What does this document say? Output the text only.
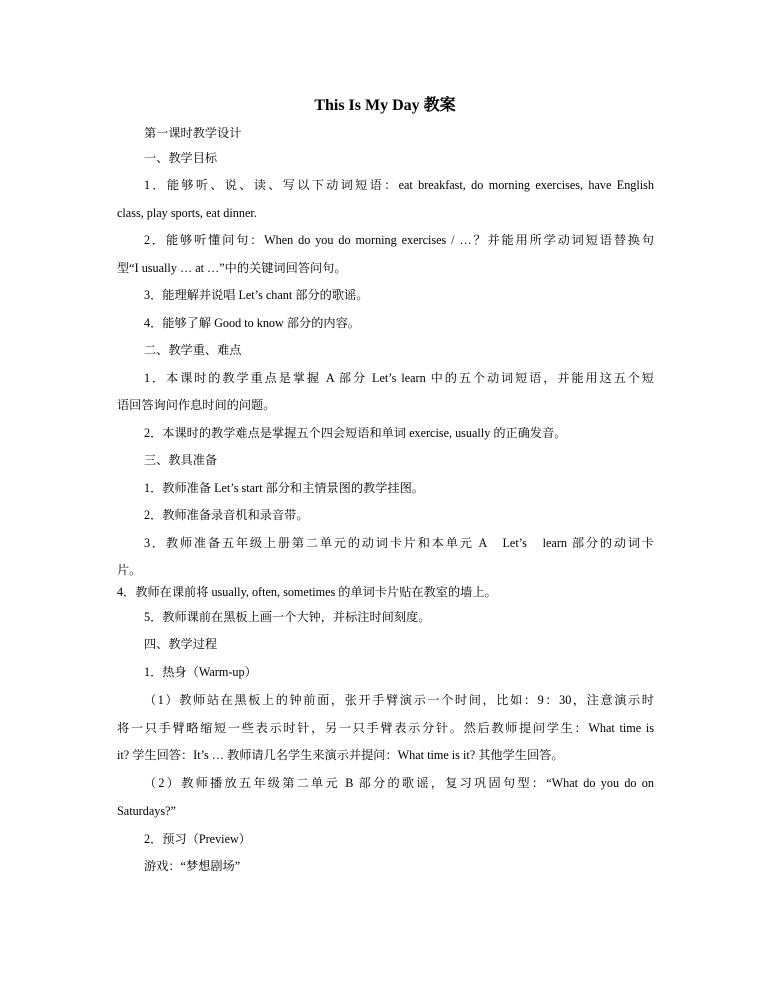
This Is My Day 教案
第一课时教学设计
一、教学目标
1．能够听、说、读、写以下动词短语：eat breakfast, do morning exercises, have English
class, play sports, eat dinner.
2．能够听懂问句：When do you do morning exercises / …？并能用所学动词短语替换句
型“I usually … at …”中的关键词回答问句。
3．能理解并说唱 Let’s chant 部分的歌谣。
4．能够了解 Good to know 部分的内容。
二、教学重、难点
1．本课时的教学重点是掌握 A 部分 Let’s learn 中的五个动词短语，并能用这五个短
语回答询问作息时间的问题。
2．本课时的教学难点是掌握五个四会短语和单词 exercise, usually 的正确发音。
三、教具准备
1．教师准备 Let’s start 部分和主情景图的教学挂图。
2．教师准备录音机和录音带。
3．教师准备五年级上册第二单元的动词卡片和本单元 A　Let’s　learn 部分的动词卡
片。
4．教师在课前将 usually, often, sometimes 的单词卡片贴在教室的墙上。
5．教师课前在黑板上画一个大钟，并标注时间刻度。
四、教学过程
1．热身（Warm-up）
（1）教师站在黑板上的钟前面，张开手臂演示一个时间，比如：9：30，注意演示时
将一只手臂略缩短一些表示时针，另一只手臂表示分针。然后教师提问学生：What time is
it? 学生回答：It’s … 教师请几名学生来演示并提问：What time is it? 其他学生回答。
（2）教师播放五年级第二单元 B 部分的歌谣，复习巩固句型：“What do you do on
Saturdays?”
2．预习（Preview）
游戏：“梦想剧场”
